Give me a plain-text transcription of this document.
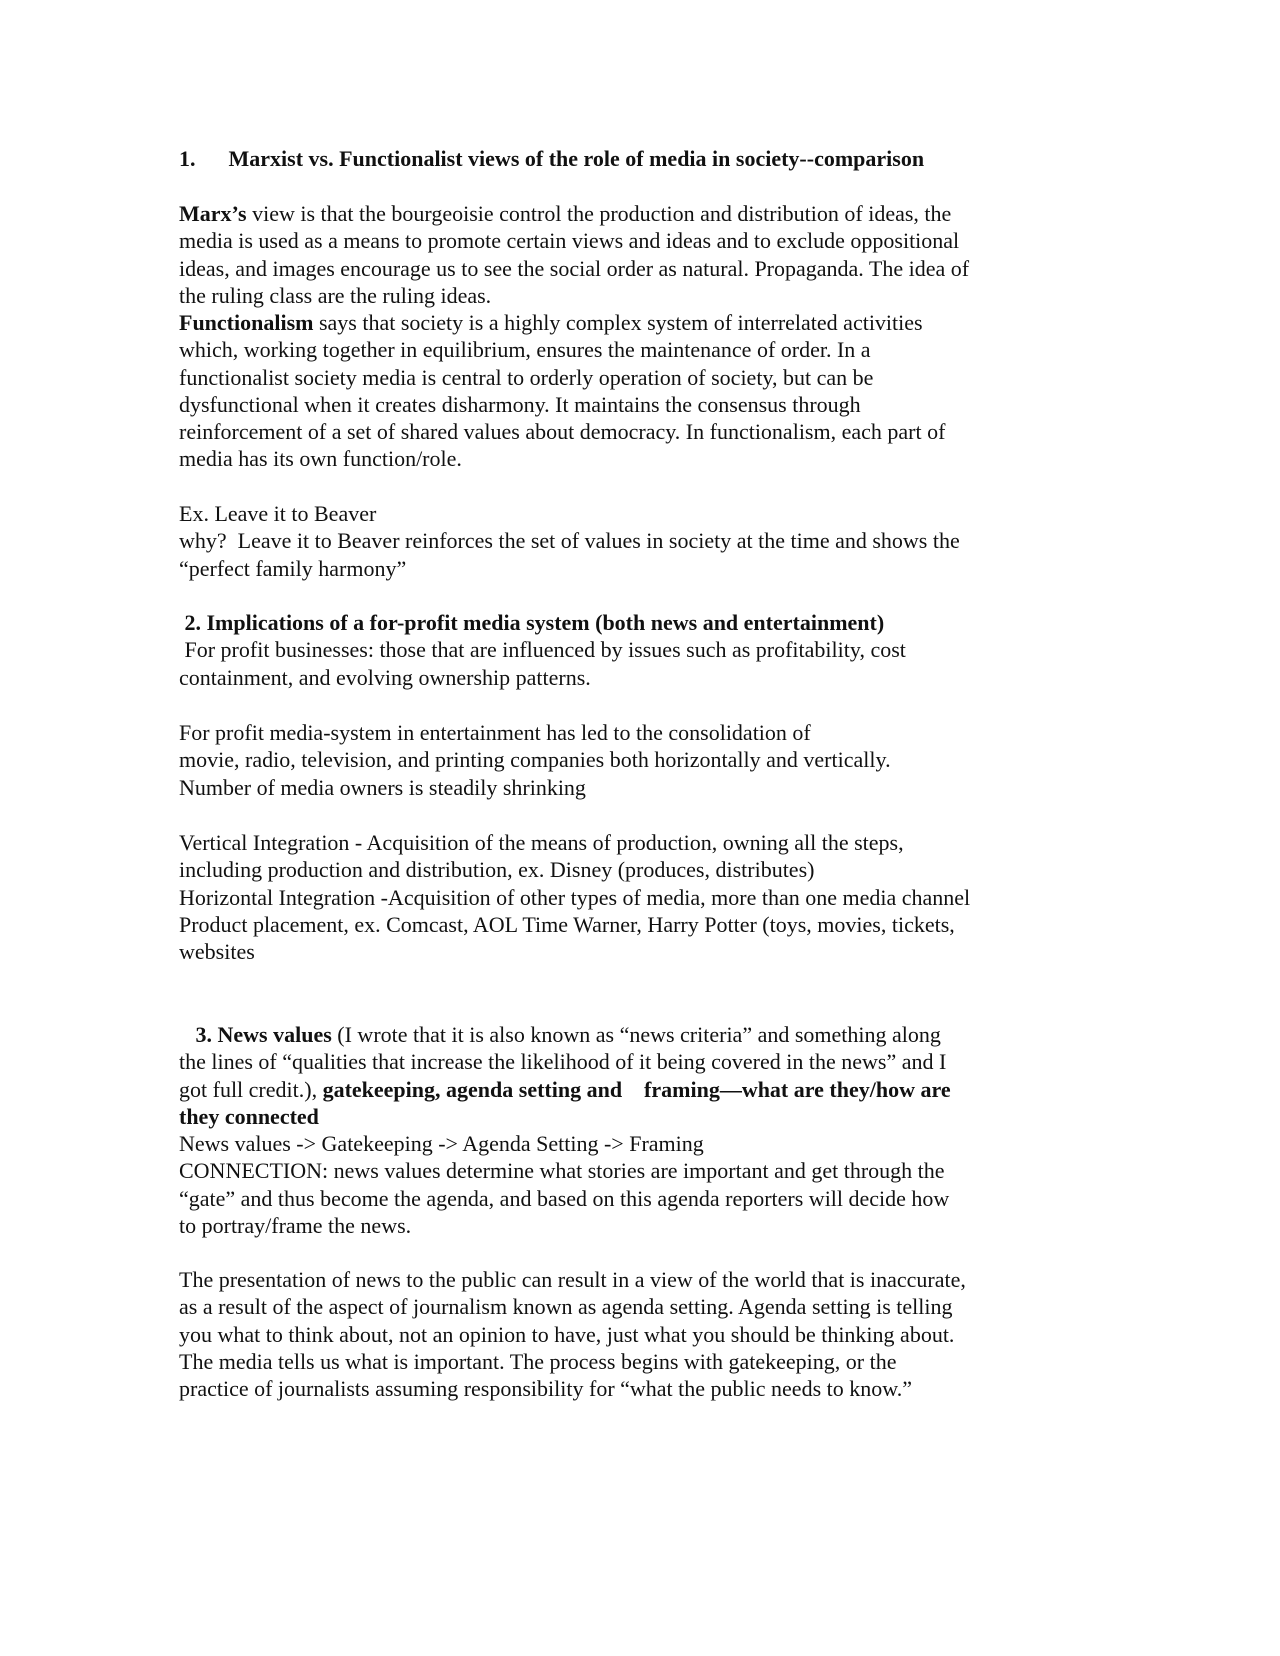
1.      Marxist vs. Functionalist views of the role of media in society--comparison
Marx’s view is that the bourgeoisie control the production and distribution of ideas, the
media is used as a means to promote certain views and ideas and to exclude oppositional
ideas, and images encourage us to see the social order as natural. Propaganda. The idea of
the ruling class are the ruling ideas.
Functionalism says that society is a highly complex system of interrelated activities
which, working together in equilibrium, ensures the maintenance of order. In a
functionalist society media is central to orderly operation of society, but can be
dysfunctional when it creates disharmony. It maintains the consensus through
reinforcement of a set of shared values about democracy. In functionalism, each part of
media has its own function/role.
Ex. Leave it to Beaver
why?  Leave it to Beaver reinforces the set of values in society at the time and shows the
“perfect family harmony”
2. Implications of a for-profit media system (both news and entertainment)
For profit businesses: those that are influenced by issues such as profitability, cost
containment, and evolving ownership patterns.
For profit media-system in entertainment has led to the consolidation of
movie, radio, television, and printing companies both horizontally and vertically.
Number of media owners is steadily shrinking
Vertical Integration - Acquisition of the means of production, owning all the steps,
including production and distribution, ex. Disney (produces, distributes)
Horizontal Integration -Acquisition of other types of media, more than one media channel
Product placement, ex. Comcast, AOL Time Warner, Harry Potter (toys, movies, tickets,
websites
3. News values (I wrote that it is also known as “news criteria” and something along
the lines of “qualities that increase the likelihood of it being covered in the news” and I
got full credit.), gatekeeping, agenda setting and    framing—what are they/how are
they connected
News values -> Gatekeeping -> Agenda Setting -> Framing
CONNECTION: news values determine what stories are important and get through the
“gate” and thus become the agenda, and based on this agenda reporters will decide how
to portray/frame the news.
The presentation of news to the public can result in a view of the world that is inaccurate,
as a result of the aspect of journalism known as agenda setting. Agenda setting is telling
you what to think about, not an opinion to have, just what you should be thinking about.
The media tells us what is important. The process begins with gatekeeping, or the
practice of journalists assuming responsibility for “what the public needs to know.”
